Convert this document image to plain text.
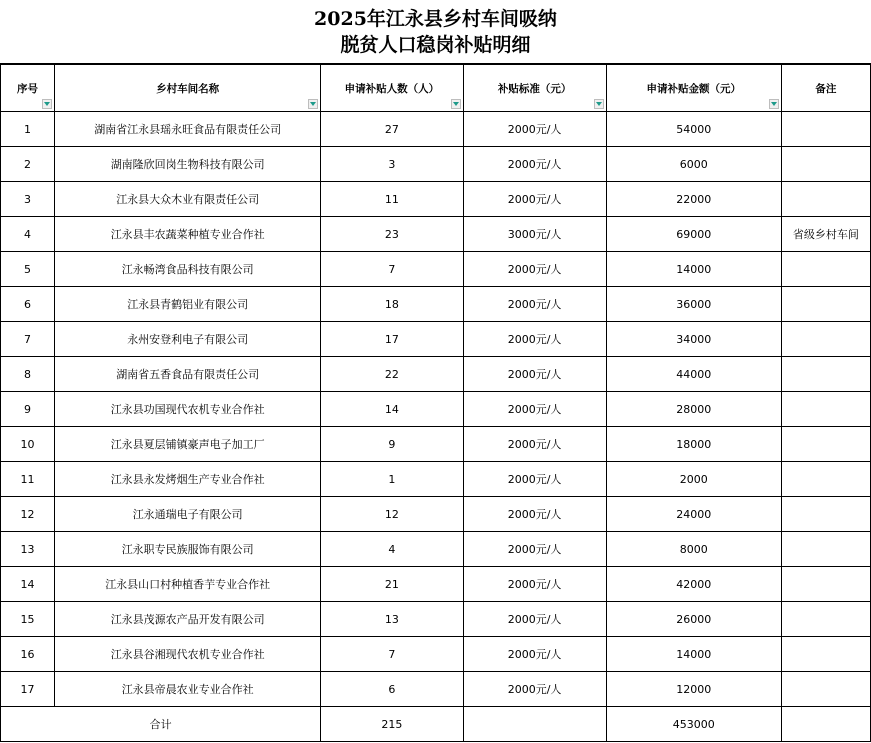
2025年江永县乡村车间吸纳
脱贫人口稳岗补贴明细
序号	乡村车间名称	申请补贴人数（人）	补贴标准（元）	申请补贴金额（元）	备注
1	湖南省江永县瑶永旺食品有限责任公司	27	2000元/人	54000	
2	湖南隆欣回岗生物科技有限公司	3	2000元/人	6000	
3	江永县大众木业有限责任公司	11	2000元/人	22000	
4	江永县丰农蔬菜种植专业合作社	23	3000元/人	69000	省级乡村车间
5	江永畅湾食品科技有限公司	7	2000元/人	14000	
6	江永县青鹤铝业有限公司	18	2000元/人	36000	
7	永州安登利电子有限公司	17	2000元/人	34000	
8	湖南省五香食品有限责任公司	22	2000元/人	44000	
9	江永县功国现代农机专业合作社	14	2000元/人	28000	
10	江永县夏层铺镇豪声电子加工厂	9	2000元/人	18000	
11	江永县永发烤烟生产专业合作社	1	2000元/人	2000	
12	江永通瑞电子有限公司	12	2000元/人	24000	
13	江永职专民族服饰有限公司	4	2000元/人	8000	
14	江永县山口村种植香芋专业合作社	21	2000元/人	42000	
15	江永县茂源农产品开发有限公司	13	2000元/人	26000	
16	江永县谷湘现代农机专业合作社	7	2000元/人	14000	
17	江永县帝晨农业专业合作社	6	2000元/人	12000	
合计		215		453000	
